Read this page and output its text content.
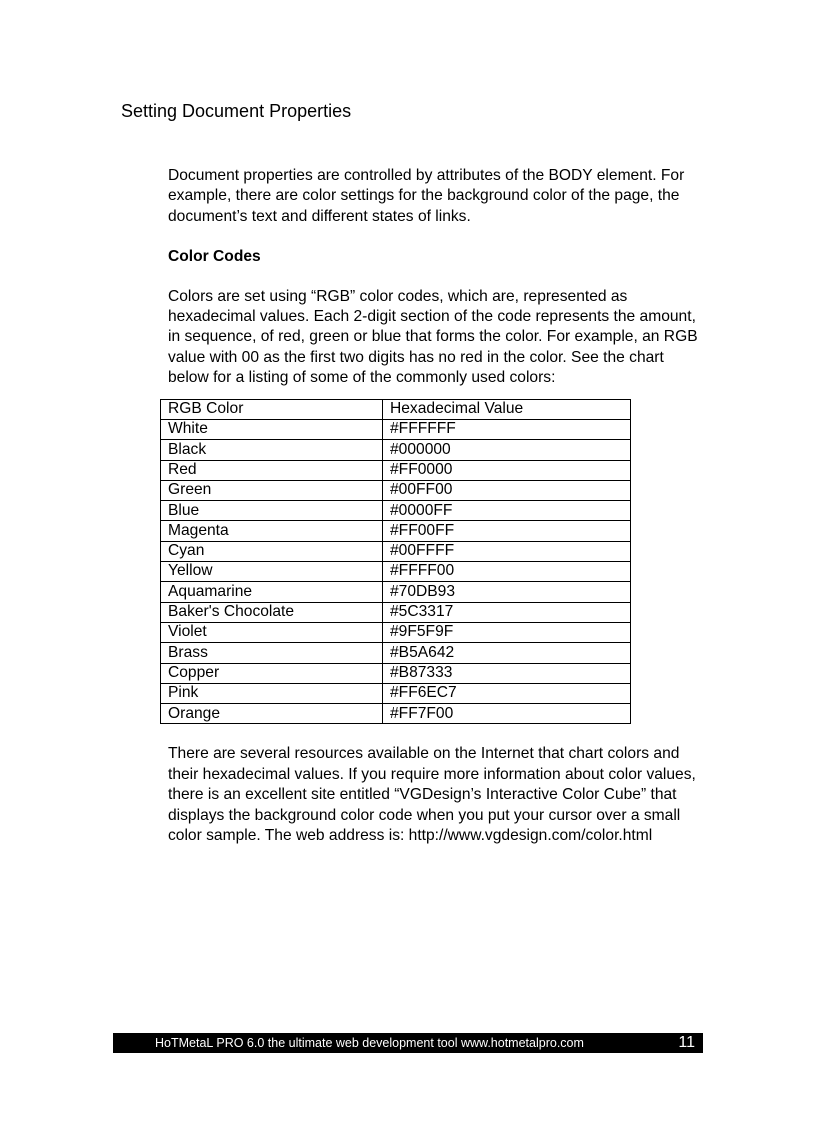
Setting Document Properties

Document properties are controlled by attributes of the BODY element. For example, there are color settings for the background color of the page, the document’s text and different states of links.

Color Codes

Colors are set using “RGB” color codes, which are, represented as hexadecimal values. Each 2-digit section of the code represents the amount, in sequence, of red, green or blue that forms the color. For example, an RGB value with 00 as the first two digits has no red in the color. See the chart below for a listing of some of the commonly used colors:

RGB Color	Hexadecimal Value
White	#FFFFFF
Black	#000000
Red	#FF0000
Green	#00FF00
Blue	#0000FF
Magenta	#FF00FF
Cyan	#00FFFF
Yellow	#FFFF00
Aquamarine	#70DB93
Baker's Chocolate	#5C3317
Violet	#9F5F9F
Brass	#B5A642
Copper	#B87333
Pink	#FF6EC7
Orange	#FF7F00

There are several resources available on the Internet that chart colors and their hexadecimal values. If you require more information about color values, there is an excellent site entitled “VGDesign’s Interactive Color Cube” that displays the background color code when you put your cursor over a small color sample. The web address is: http://www.vgdesign.com/color.html

HoTMetaL PRO 6.0 the ultimate web development tool www.hotmetalpro.com	11
